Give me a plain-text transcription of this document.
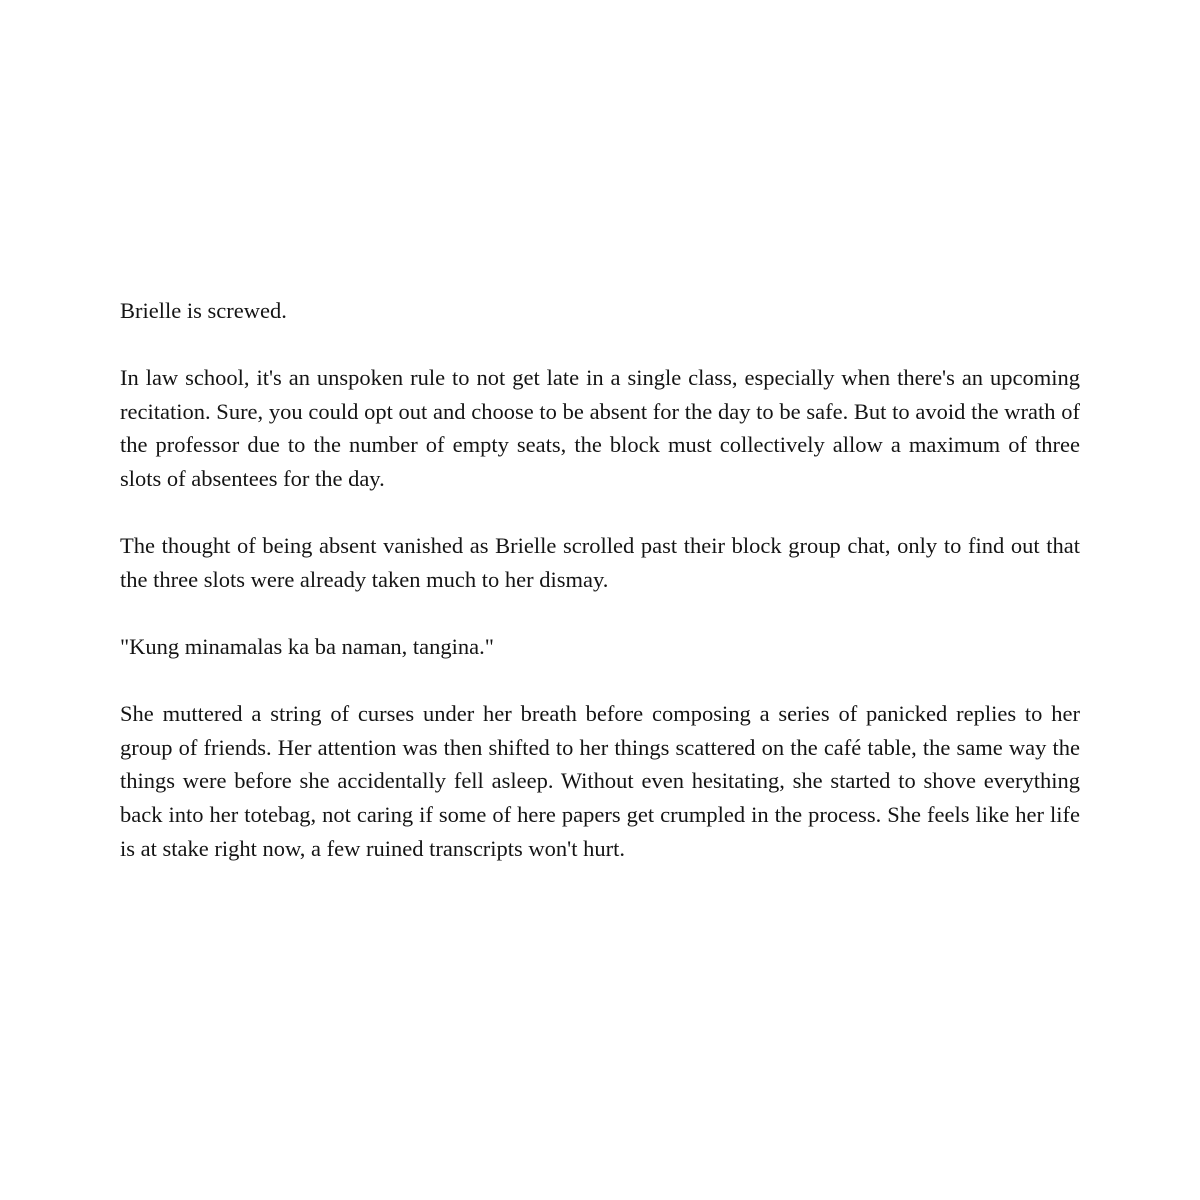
Brielle is screwed.

In law school, it's an unspoken rule to not get late in a single class, especially when there's an upcoming recitation. Sure, you could opt out and choose to be absent for the day to be safe. But to avoid the wrath of the professor due to the number of empty seats, the block must collectively allow a maximum of three slots of absentees for the day.

The thought of being absent vanished as Brielle scrolled past their block group chat, only to find out that the three slots were already taken much to her dismay.

"Kung minamalas ka ba naman, tangina."

She muttered a string of curses under her breath before composing a series of panicked replies to her group of friends. Her attention was then shifted to her things scattered on the café table, the same way the things were before she accidentally fell asleep. Without even hesitating, she started to shove everything back into her totebag, not caring if some of here papers get crumpled in the process. She feels like her life is at stake right now, a few ruined transcripts won't hurt.
